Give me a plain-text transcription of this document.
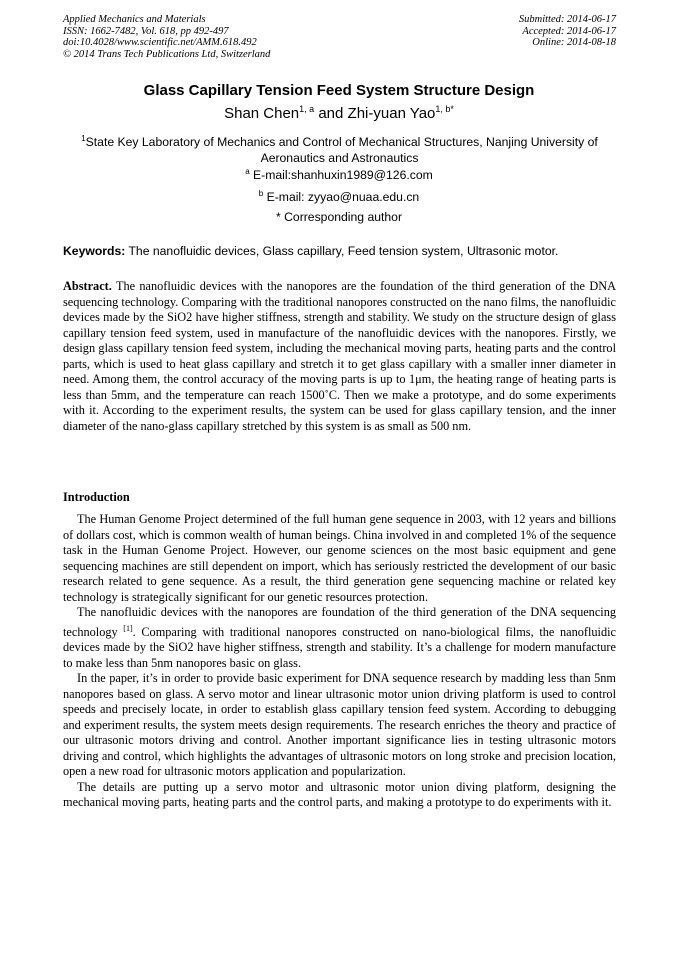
Applied Mechanics and Materials
ISSN: 1662-7482, Vol. 618, pp 492-497
doi:10.4028/www.scientific.net/AMM.618.492
© 2014 Trans Tech Publications Ltd, Switzerland
Submitted: 2014-06-17
Accepted: 2014-06-17
Online: 2014-08-18
Glass Capillary Tension Feed System Structure Design
Shan Chen$^{1, a}$ and Zhi-yuan Yao$^{1, b*}$
$^1$State Key Laboratory of Mechanics and Control of Mechanical Structures, Nanjing University of Aeronautics and Astronautics
$^a$ E-mail:shanhuxin1989@126.com
$^b$ E-mail: zyyao@nuaa.edu.cn
* Corresponding author
Keywords: The nanofluidic devices, Glass capillary, Feed tension system, Ultrasonic motor.

Abstract. The nanofluidic devices with the nanopores are the foundation of the third generation of the DNA sequencing technology. Comparing with the traditional nanopores constructed on the nano films, the nanofluidic devices made by the SiO2 have higher stiffness, strength and stability. We study on the structure design of glass capillary tension feed system, used in manufacture of the nanofluidic devices with the nanopores. Firstly, we design glass capillary tension feed system, including the mechanical moving parts, heating parts and the control parts, which is used to heat glass capillary and stretch it to get glass capillary with a smaller inner diameter in need. Among them, the control accuracy of the moving parts is up to 1μm, the heating range of heating parts is less than 5mm, and the temperature can reach 1500˚C. Then we make a prototype, and do some experiments with it. According to the experiment results, the system can be used for glass capillary tension, and the inner diameter of the nano-glass capillary stretched by this system is as small as 500 nm.

Introduction

The Human Genome Project determined of the full human gene sequence in 2003, with 12 years and billions of dollars cost, which is common wealth of human beings. China involved in and completed 1% of the sequence task in the Human Genome Project. However, our genome sciences on the most basic equipment and gene sequencing machines are still dependent on import, which has seriously restricted the development of our basic research related to gene sequence. As a result, the third generation gene sequencing machine or related key technology is strategically significant for our genetic resources protection.

The nanofluidic devices with the nanopores are foundation of the third generation of the DNA sequencing technology [1]. Comparing with traditional nanopores constructed on nano-biological films, the nanofluidic devices made by the SiO2 have higher stiffness, strength and stability. It’s a challenge for modern manufacture to make less than 5nm nanopores basic on glass.

In the paper, it’s in order to provide basic experiment for DNA sequence research by madding less than 5nm nanopores based on glass. A servo motor and linear ultrasonic motor union driving platform is used to control speeds and precisely locate, in order to establish glass capillary tension feed system. According to debugging and experiment results, the system meets design requirements. The research enriches the theory and practice of our ultrasonic motors driving and control. Another important significance lies in testing ultrasonic motors driving and control, which highlights the advantages of ultrasonic motors on long stroke and precision location, open a new road for ultrasonic motors application and popularization.

The details are putting up a servo motor and ultrasonic motor union diving platform, designing the mechanical moving parts, heating parts and the control parts, and making a prototype to do experiments with it.
